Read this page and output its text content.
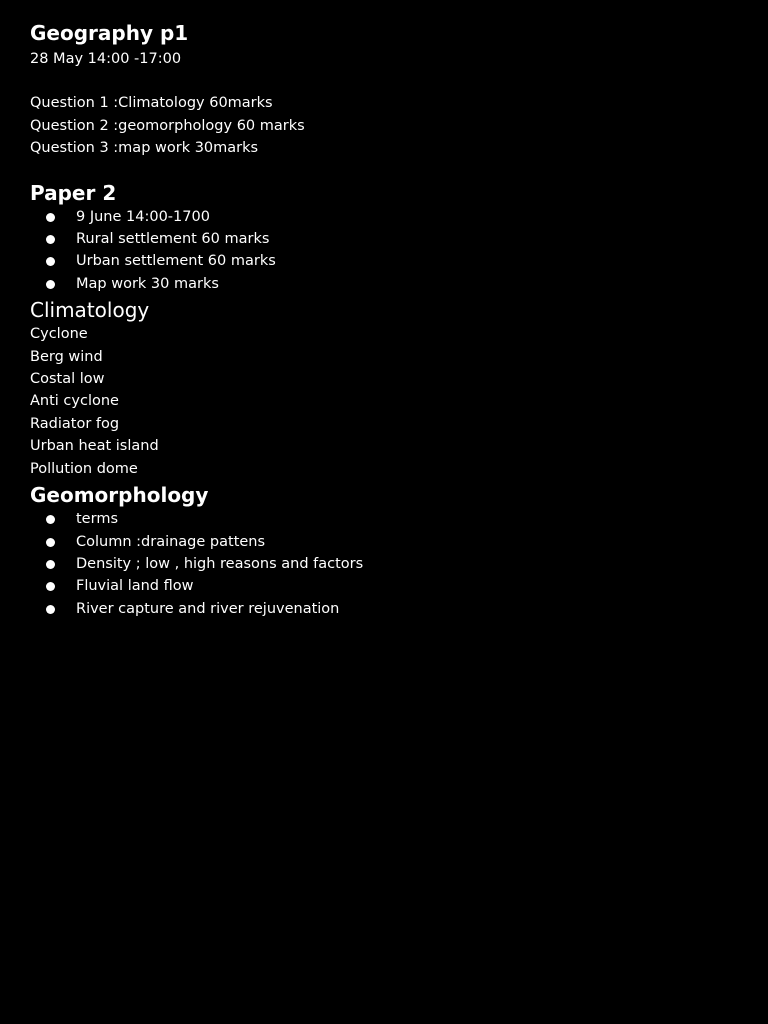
Geography p1

28 May 14:00 -17:00

Question 1 :Climatology 60marks

Question 2 :geomorphology 60 marks

Question 3 :map work 30marks

Paper 2

9 June 14:00-1700
Rural settlement 60 marks
Urban settlement 60 marks
Map work 30 marks

Climatology

Cyclone

Berg wind

Costal low

Anti cyclone

Radiator fog

Urban heat island

Pollution dome

Geomorphology

terms
Column :drainage pattens
Density ; low , high reasons and factors
Fluvial land flow
River capture and river rejuvenation
